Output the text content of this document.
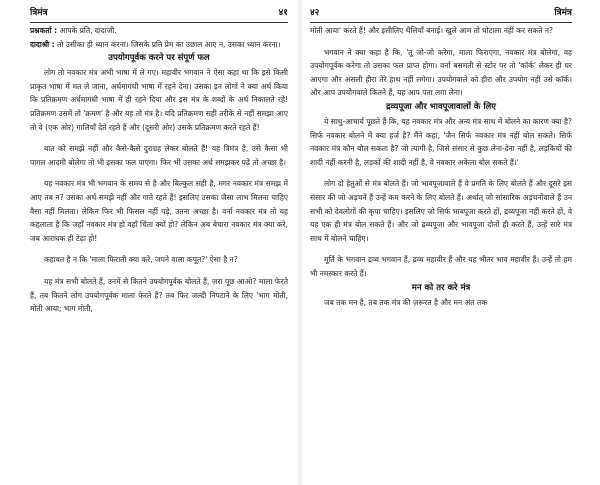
त्रिमंत्र	४१

प्रश्नकर्ता : आपके प्रति, दादाजी.

दादाश्री : तो उसीका ही ध्यान करना। जिसके प्रति प्रेम का उछाल आए न, उसका ध्यान करना।

उपयोगपूर्वक करने पर संपूर्ण फल

लोग तो नवकार मंत्र अभी भाषा में ले गए। महावीर भगवान ने ऐसा कहा था कि इसे किसी प्राकृत भाषा में मत ले जाना, अर्धमागधी भाषा में रहने देना। उसका इन लोगों ने क्या अर्थ किया कि प्रतिक्रमण अर्धमागधी भाषा में ही रहने दिया और इस मंत्र के शब्दों के अर्थ निकालते रहे! प्रतिक्रमण उसमें तो 'क्रमण' है और यह तो मंत्र है। यदि प्रतिक्रमण सही तरीके से नहीं समझा आए तो वे (एक ओर) गालियाँ देते रहते हैं और (दूसरी ओर) उसके प्रतिक्रमण करते रहते हैं!

बात को समझे नहीं और कैसे-कैसे दुराग्रह लेकर बोलते हैं! यह त्रिमंत्र है, उसे कैसा भी पागल आदमी बोलेगा तो भी इसका फल पाएगा। फिर भी उसका अर्थ समझकर पढ़ें तो अच्छा है।

यह नवकार मंत्र भी भगवान के समय से है और बिल्कुल सही है, मगर नवकार मंत्र समझ में आए तब न? उसका अर्थ समझे नहीं और गाते रहते हैं! इसलिए उसका जैसा लाभ मिलना चाहिए वैसा नहीं मिलता। लेकिन फिर भी फिसल नहीं पड़े, उतना अच्छा है। वर्ना नवकार मंत्र तो यह कहलाता है कि जहाँ नवकार मंत्र हो वहाँ चिंता क्यों हो? लेकिन अब बेचारा नवकार मंत्र क्या करे, जब आराधक ही टेढ़ा हो!

कहावत है न कि 'माला फिराती क्या करे, जपने वाला कपूत?' ऐसा है न?

यह मंत्र सभी बोलते हैं, उनमें से कितने उपयोगपूर्वक बोलते हैं, ज़रा पूछ आओ? माला फेरते हैं, तब कितने लोग उपयोगपूर्वक माला फेरते हैं? तब फिर जल्दी निपटाने के लिए 'भाग मोती, मोती आया; भाग मोती,

४२	त्रिमंत्र

मोती आया' करते हैं! और इसीलिए थैलियाँ बनाई। खुले आम तो घोटाला नहीं कर सकते न?

भगवान ने क्या कहा है कि, 'तू जो-जो करेगा, माला फिराएगा, नवकार मंत्र बोलेगा, वह उपयोगपूर्वक करेगा तो उसका फल प्राप्त होगा। वर्ना बसमती से स्टोर पर तो 'कॉर्क' लेकर ही घर आएगा और असली हीरा तेरे हाथ नहीं लगेगा। उपयोगवाले को हीरा और उपयोग नहीं उसे कॉर्क। और आप उपयोगवाले कितने हैं, यह आप पता लगा लेना।

द्रव्यपूजा और भावपूजावालों के लिए

ये साधु-आचार्य पूछते हैं कि, यह नवकार मंत्र और अन्य मंत्र साथ में बोलने का कारण क्या है? सिर्फ नवकार बोलने में क्या हर्ज है? मैंने कहा, 'जैन सिर्फ नवकार मंत्र नहीं बोल सकते। सिर्फ नवकार मंत्र कौन बोल सकता है? जो त्यागी है, जिसे संसार से कुछ लेना-देना नहीं है, लड़कियों की शादी नहीं करनी है, लड़कों की शादी नहीं है, वे नवकार अकेला बोल सकते हैं।'

लोग दो हेतुओं से मंत्र बोलते हैं। जो भावपूजावाले हैं वे प्रगति के लिए बोलते हैं और दूसरे इस संसार की जो अड़चनें हैं उन्हें कम करने के लिए बोलते हैं। अर्थात् जो सांसारिक अड़चनोंवाले हैं उन सभी को देवलोगों की कृपा चाहिए। इसलिए जो सिर्फ भावपूजा करते हों, द्रव्यपूजा नहीं करते हों, वे यह एक ही मंत्र बोल सकते हैं। और जो द्रव्यपूजा और भावपूजा दोनों ही करते हैं, उन्हें सारे मंत्र साथ में बोलने चाहिए।

मूर्ति के भगवान द्रव्य भगवान हैं, द्रव्य महावीर हैं और यह भीतर भाव महावीर हैं। उन्हें तो हम भी नमस्कार करते हैं।

मन को तर करे मंत्र

जब तक मन है, तब तक मंत्र की ज़रूरत है और मन अंत तक
